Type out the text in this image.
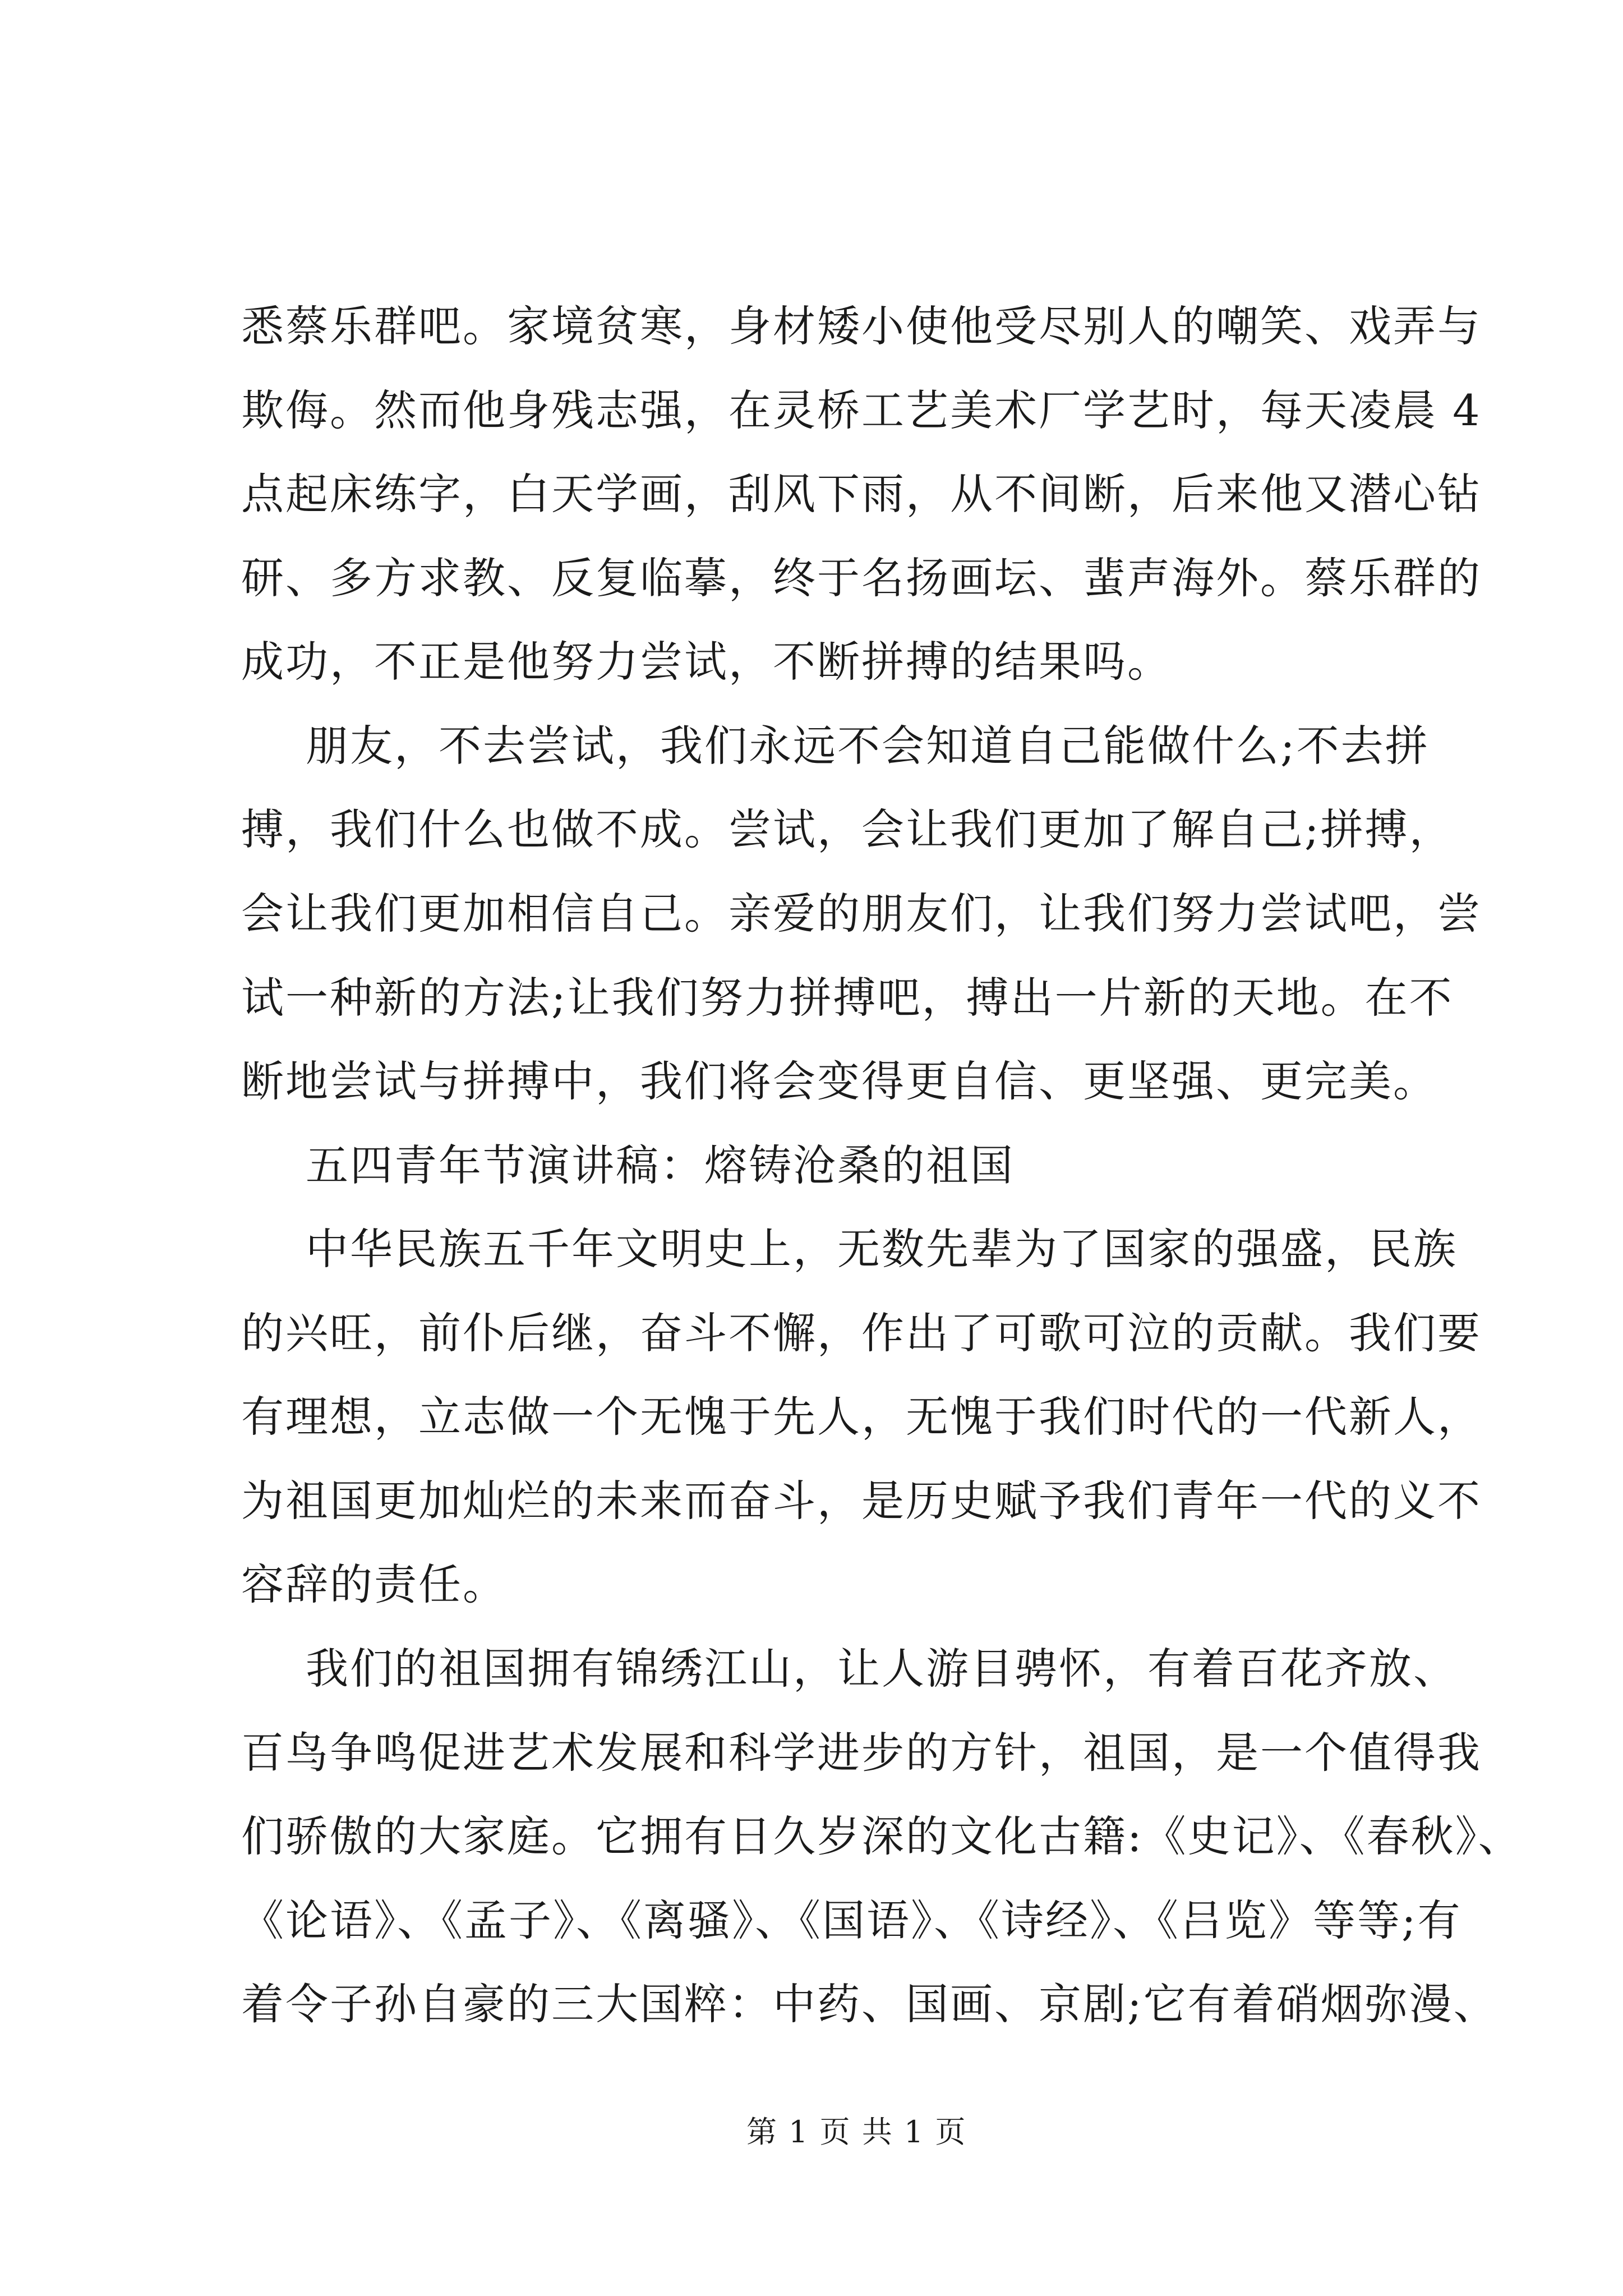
悉蔡乐群吧。家境贫寒，身材矮小使他受尽别人的嘲笑、戏弄与
欺侮。然而他身残志强，在灵桥工艺美术厂学艺时，每天凌晨 4
点起床练字，白天学画，刮风下雨，从不间断，后来他又潜心钻
研、多方求教、反复临摹，终于名扬画坛、蜚声海外。蔡乐群的
成功，不正是他努力尝试，不断拼搏的结果吗。
朋友，不去尝试，我们永远不会知道自己能做什么;不去拼
搏，我们什么也做不成。尝试，会让我们更加了解自己;拼搏，
会让我们更加相信自己。亲爱的朋友们，让我们努力尝试吧，尝
试一种新的方法;让我们努力拼搏吧，搏出一片新的天地。在不
断地尝试与拼搏中，我们将会变得更自信、更坚强、更完美。
五四青年节演讲稿：熔铸沧桑的祖国
中华民族五千年文明史上，无数先辈为了国家的强盛，民族
的兴旺，前仆后继，奋斗不懈，作出了可歌可泣的贡献。我们要
有理想，立志做一个无愧于先人，无愧于我们时代的一代新人，
为祖国更加灿烂的未来而奋斗，是历史赋予我们青年一代的义不
容辞的责任。
我们的祖国拥有锦绣江山，让人游目骋怀，有着百花齐放、
百鸟争鸣促进艺术发展和科学进步的方针，祖国，是一个值得我
们骄傲的大家庭。它拥有日久岁深的文化古籍:《史记》、《春秋》、
《论语》、《孟子》、《离骚》、《国语》、《诗经》、《吕览》等等;有
着令子孙自豪的三大国粹：中药、国画、京剧;它有着硝烟弥漫、
第 1 页 共 1 页
